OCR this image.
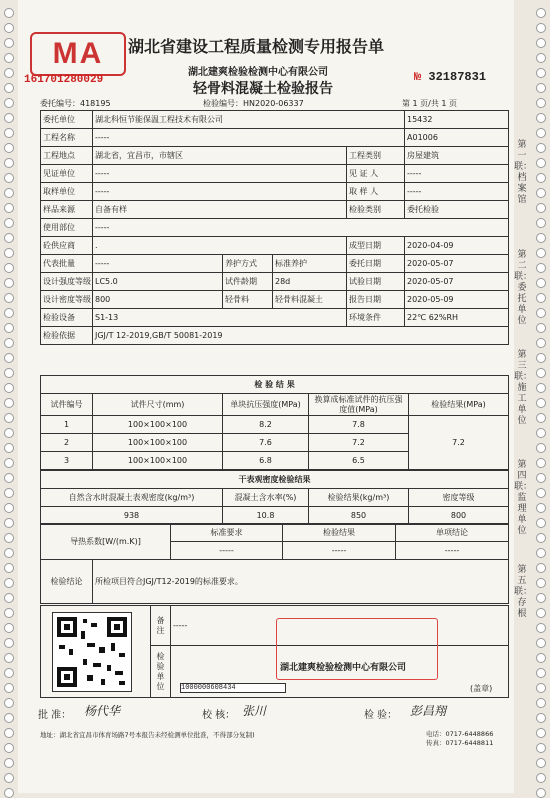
MA	湖北省建设工程质量检测专用报告单
161701280029
湖北建爽检验检测中心有限公司
轻骨料混凝土检验报告
№ 32187831
委托编号：418195	检验编号：HN2020-06337	第 1 页/共 1 页
委托单位	湖北科恒节能保温工程技术有限公司				15432
工程名称	-----				A01006
工程地点	湖北省，宜昌市，市辖区			工程类别	房屋建筑
见证单位	-----			见 证 人	-----
取样单位	-----			取 样 人	-----
样品来源	自备有样			检验类别	委托检验
使用部位	-----				
砼供应商	.			成型日期	2020-04-09
代表批量	-----	养护方式	标准养护	委托日期	2020-05-07
设计强度等级	LC5.0	试件龄期	28d	试验日期	2020-05-07
设计密度等级	800	轻骨料	轻骨料混凝土	报告日期	2020-05-09
检验设备	S1-13			环境条件	22℃ 62%RH
检验依据	JGJ/T 12-2019,GB/T 50081-2019				
检 验 结 果				
试件编号	试件尺寸(mm)	单块抗压强度(MPa)	换算成标准试件的抗压强度值(MPa)	检验结果(MPa)
1	100×100×100	8.2	7.8	7.2
2	100×100×100	7.6	7.2	
3	100×100×100	6.8	6.5	
干表观密度检验结果			
自然含水时混凝土表观密度(kg/m³)	混凝土含水率(%)	检验结果(kg/m³)	密度等级
938	10.8	850	800
导热系数[W/(m.K)]	标准要求	检验结果	单项结论
	-----	-----	-----
检验结论	所检项目符合JGJ/T12-2019的标准要求。
	备注	-----
	检验单位	
湖北建爽检验检测中心有限公司
1000000608434	(盖章)
批 准： 杨代华	校 核： 张川	检 验： 彭昌翔
地址：湖北省宜昌市体育场路7号本报告未经检测单位批准，不得部分复制)	电话：0717-6448866
传真：0717-6448811
第一联：档案馆
第二联：委托单位
第三联：施工单位
第四联：监理单位
第五联：存 根
